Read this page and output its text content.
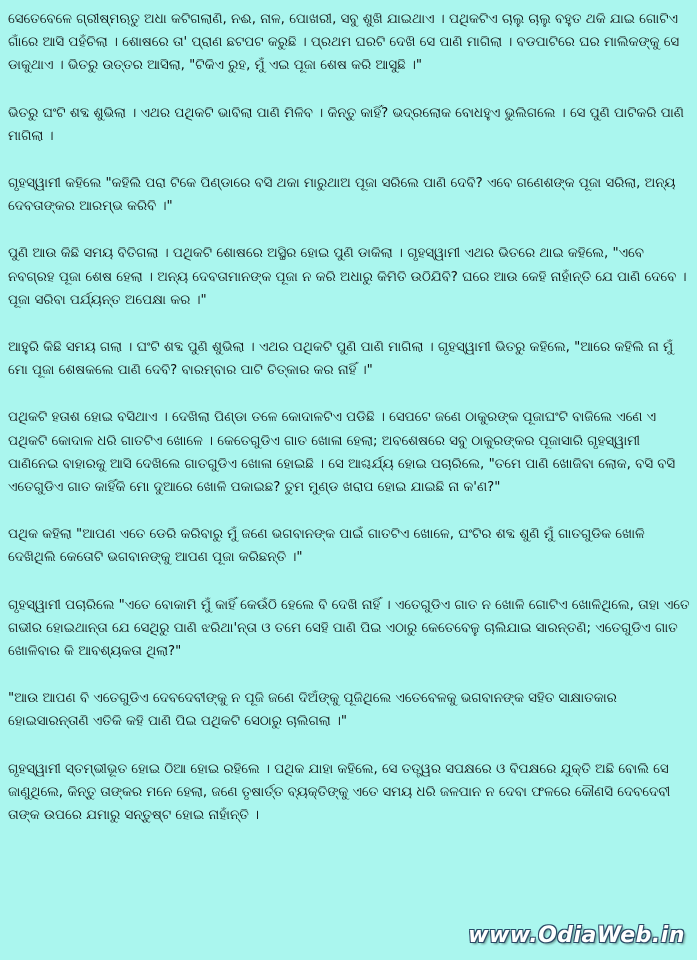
ସେତେବେଳେ ଗ୍ରୀଷ୍ମଋତୁ ଅଧା କଟିଗଲାଣି, ନଈ, ନାଳ, ପୋଖରୀ, ସବୁ ଶୁଖି ଯାଇଥାଏ । ପଥିକଟିଏ ଚାଲୁ ଚାଲୁ ବହୁତ ଥକି ଯାଇ ଗୋଟିଏ ଗାଁରେ ଆସି ପହଁଚିଲା । ଶୋଷରେ ତା' ପ୍ରାଣ ଛଟପଟ କରୁଛି । ପ୍ରଥମ ଘରଟି ଦେଖି ସେ ପାଣି ମାଗିଲା । ବଡପାଟିରେ ଘର ମାଲିକଙ୍କୁ ସେ ଡାକୁଥାଏ । ଭିତରୁ ଉତ୍ତର ଆସିଲା, "ଟିକିଏ ରୁହ, ମୁଁ ଏଇ ପୂଜା ଶେଷ କରି ଆସୁଛି ।"

ଭିତରୁ ଘଂଟି ଶବ୍ଦ ଶୁଭିଲା । ଏଥର ପଥିକଟି ଭାବିଲା ପାଣି ମିଳିବ । କିନ୍ତୁ କାହିଁ? ଭଦ୍ରଲୋକ ବୋଧହୁଏ ଭୁଲିଗଲେ । ସେ ପୁଣି ପାଟିକରି ପାଣି ମାଗିଲା ।

ଗୃହସ୍ୱାମୀ କହିଲେ "କହିଲି ପରା ଟିକେ ପିଣ୍ଡାରେ ବସି ଥକା ମାରୁଥାଅ ପୂଜା ସରିଲେ ପାଣି ଦେବି? ଏବେ ଗଣେଶଙ୍କ ପୂଜା ସରିଲା, ଅନ୍ୟ ଦେବତାଙ୍କର ଆରମ୍ଭ କରିବି ।"

ପୁଣି ଆଉ କିଛି ସମୟ ବିତିଗଲା । ପଥିକଟି ଶୋଷରେ ଅସ୍ଥିର ହୋଇ ପୁଣି ଡାକିଲା । ଗୃହସ୍ୱାମୀ ଏଥର ଭିତରେ ଥାଇ କହିଲେ, "ଏବେ ନବଗ୍ରହ ପୂଜା ଶେଷ ହେଲା । ଅନ୍ୟ ଦେବତାମାନଙ୍କ ପୂଜା ନ କରି ଅଧାରୁ କିମିତି ଉଠିଯିବି? ଘରେ ଆଉ କେହି ନାହାଁନ୍ତି ଯେ ପାଣି ଦେବେ । ପୂଜା ସରିବା ପର୍ଯ୍ୟନ୍ତ ଅପେକ୍ଷା କର ।"

ଆହୁରି କିଛି ସମୟ ଗଲା । ଘଂଟି ଶବ୍ଦ ପୁଣି ଶୁଭିଲା । ଏଥର ପଥିକଟି ପୁଣି ପାଣି ମାଗିଲା । ଗୃହସ୍ୱାମୀ ଭିତରୁ କହିଲେ, "ଆରେ କହିଲି ନା ମୁଁ ମୋ ପୂଜା ଶେଷକଲେ ପାଣି ଦେବି? ବାରମ୍ବାର ପାଟି ଚିତ୍କାର କର ନାହିଁ ।"

ପଥିକଟି ହତାଶ ହୋଇ ବସିଥାଏ । ଦେଖିଲା ପିଣ୍ଡା ତଳେ କୋଦାଳଟିଏ ପଡିଛି । ସେପଟେ ଜଣେ ଠାକୁରଙ୍କ ପୂଜାଘଂଟି ବାଜିଲେ ଏଣେ ଏ ପଥିକଟି କୋଦାଳ ଧରି ଗାତଟିଏ ଖୋଳେ । କେତେଗୁଡିଏ ଗାତ ଖୋଳା ହେଲା; ଅବଶେଷରେ ସବୁ ଠାକୁରଙ୍କର ପୂଜାସାରି ଗୃହସ୍ୱାମୀ ପାଣିନେଇ ବାହାରକୁ ଆସି ଦେଖିଲେ ଗାତଗୁଡିଏ ଖୋଳା ହୋଇଛି । ସେ ଆଶ୍ଚର୍ଯ୍ୟ ହୋଇ ପଚାରିଲେ, "ତମେ ପାଣି ଖୋଜିବା ଲୋକ, ବସି ବସି ଏତେଗୁଡିଏ ଗାତ କାହିଁକି ମୋ ଦୁଆରେ ଖୋଳି ପକାଇଛ? ତୁମ ମୁଣ୍ଡ ଖରାପ ହୋଇ ଯାଇଛି ନା କ'ଣ?"

ପଥିକ କହିଲା "ଆପଣ ଏତେ ଡେରି କରିବାରୁ ମୁଁ ଜଣେ ଭଗବାନଙ୍କ ପାଇଁ ଗାତଟିଏ ଖୋଳେ, ଘଂଟିର ଶବ୍ଦ ଶୁଣି ମୁଁ ଗାତଗୁଡିକ ଖୋଳି ଦେଖିଥିଲି କେତୋଟି ଭଗବାନଙ୍କୁ ଆପଣ ପୂଜା କରିଛନ୍ତି ।"

ଗୃହସ୍ୱାମୀ ପଚାରିଲେ "ଏତେ ବୋକାମି ମୁଁ କାହିଁ କେଉଁଠି ହେଲେ ବି ଦେଖି ନାହିଁ । ଏତେଗୁଡିଏ ଗାତ ନ ଖୋଳି ଗୋଟିଏ ଖୋଳିଥିଲେ, ତାହା ଏତେ ଗଭୀର ହୋଇଥାନ୍ତା ଯେ ସେଥିରୁ ପାଣି ଝରିଥା'ନ୍ତା ଓ ତମେ ସେହି ପାଣି ପିଇ ଏଠାରୁ କେତେବେଳୁ ଚାଲିଯାଇ ସାରନ୍ତଣି; ଏତେଗୁଡିଏ ଗାତ ଖୋଳିବାର କି ଆବଶ୍ୟକତା ଥିଲା?"

"ଆଉ ଆପଣ ବି ଏତେଗୁଡିଏ ଦେବଦେବୀଙ୍କୁ ନ ପୂଜି ଜଣେ ଦିଅଁଙ୍କୁ ପୂଜିଥିଲେ ଏତେବେଳକୁ ଭଗବାନଙ୍କ ସହିତ ସାକ୍ଷାତକାର ହୋଇସାରନ୍ତାଣି ଏତିକି କହି ପାଣି ପିଇ ପଥିକଟି ସେଠାରୁ ଚାଲିଗଲା ।"

ଗୃହସ୍ୱାମୀ ସ୍ତମ୍ଭୀଭୂତ ହୋଇ ଠିଆ ହୋଇ ରହିଲେ । ପଥିକ ଯାହା କହିଲେ, ସେ ତତ୍ତ୍ୱର ସପକ୍ଷରେ ଓ ବିପକ୍ଷରେ ଯୁକ୍ତି ଅଛି ବୋଲି ସେ ଜାଣୁଥିଲେ, କିନ୍ତୁ ତାଙ୍କର ମନେ ହେଲା, ଜଣେ ତୃଷାର୍ତ୍ତ ବ୍ୟକ୍ତିଙ୍କୁ ଏତେ ସମୟ ଧରି ଜଳପାନ ନ ଦେବା ଫଳରେ କୌଣସି ଦେବଦେବୀ ତାଙ୍କ ଉପରେ ଯମାରୁ ସନ୍ତୁଷ୍ଟ ହୋଇ ନାହାଁନ୍ତି ।

www.OdiaWeb.in
